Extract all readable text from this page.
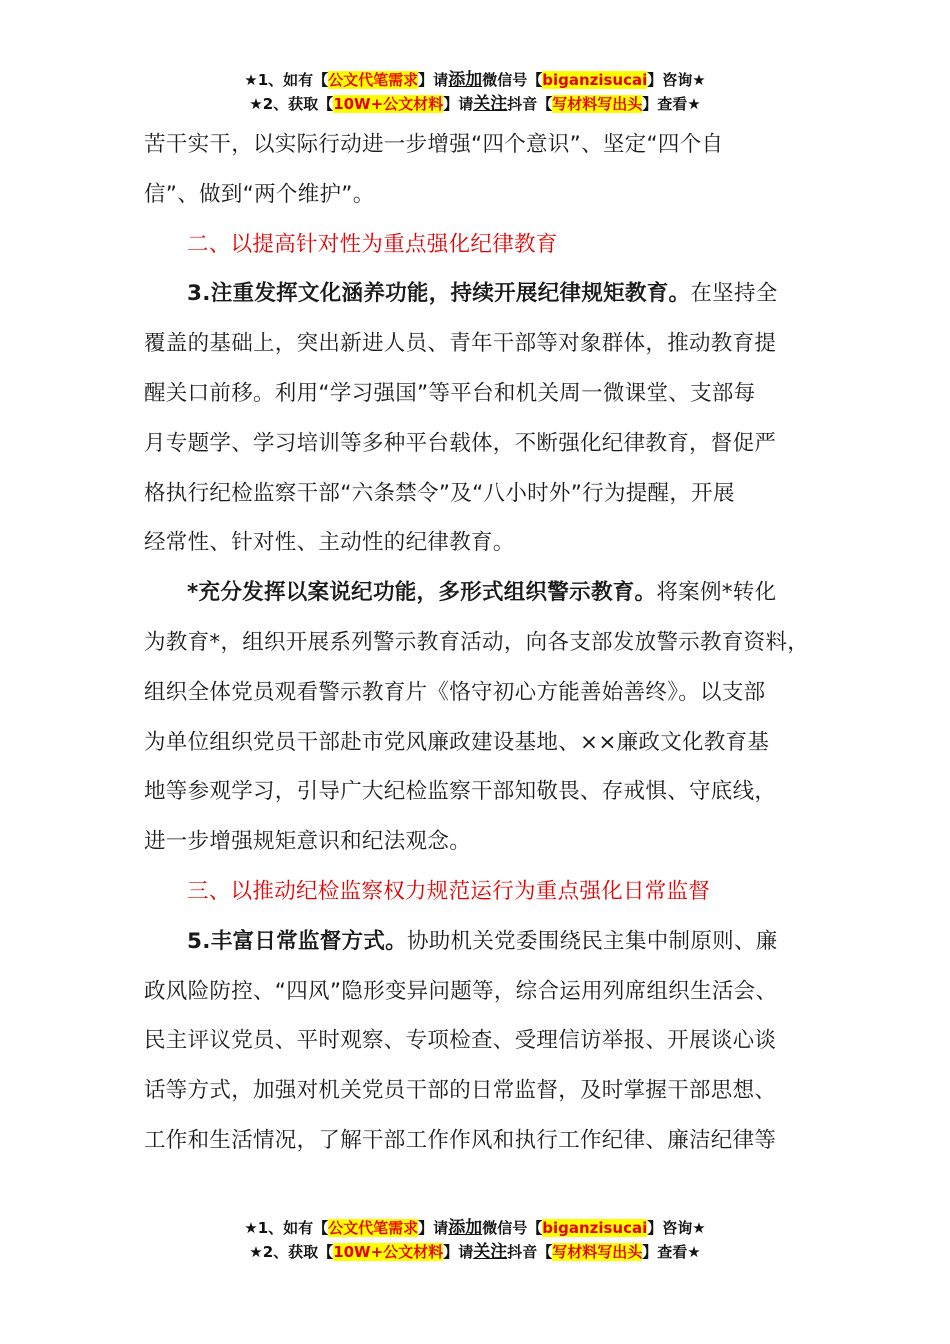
★1、如有【公文代笔需求】请添加微信号【biganzisucai】咨询★
★2、获取【10W+公文材料】请关注抖音【写材料写出头】查看★

苦干实干，以实际行动进一步增强“四个意识”、坚定“四个自
信”、做到“两个维护”。

二、以提高针对性为重点强化纪律教育

3.注重发挥文化涵养功能，持续开展纪律规矩教育。在坚持全
覆盖的基础上，突出新进人员、青年干部等对象群体，推动教育提
醒关口前移。利用“学习强国”等平台和机关周一微课堂、支部每
月专题学、学习培训等多种平台载体，不断强化纪律教育，督促严
格执行纪检监察干部“六条禁令”及“八小时外”行为提醒，开展
经常性、针对性、主动性的纪律教育。

*充分发挥以案说纪功能，多形式组织警示教育。将案例*转化
为教育*，组织开展系列警示教育活动，向各支部发放警示教育资料，
组织全体党员观看警示教育片《恪守初心方能善始善终》。以支部
为单位组织党员干部赴市党风廉政建设基地、××廉政文化教育基
地等参观学习，引导广大纪检监察干部知敬畏、存戒惧、守底线，
进一步增强规矩意识和纪法观念。

三、以推动纪检监察权力规范运行为重点强化日常监督

5.丰富日常监督方式。协助机关党委围绕民主集中制原则、廉
政风险防控、“四风”隐形变异问题等，综合运用列席组织生活会、
民主评议党员、平时观察、专项检查、受理信访举报、开展谈心谈
话等方式，加强对机关党员干部的日常监督，及时掌握干部思想、
工作和生活情况，了解干部工作作风和执行工作纪律、廉洁纪律等

★1、如有【公文代笔需求】请添加微信号【biganzisucai】咨询★
★2、获取【10W+公文材料】请关注抖音【写材料写出头】查看★
